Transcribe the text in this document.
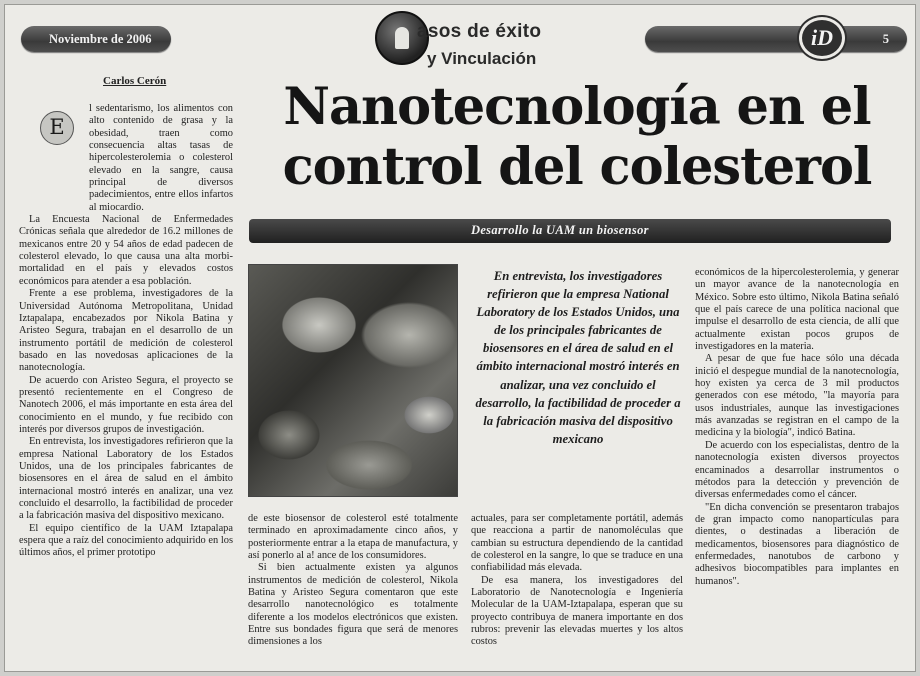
Noviembre de 2006	asos de éxito
y Vinculación
5
iD
Carlos Cerón	Nanotecnología en el
control del colesterol
Desarrollo la UAM un biosensor
E

l sedentarismo, los alimentos con alto contenido de grasa y la obesidad, traen como consecuencia altas tasas de hipercolesterolemia o colesterol elevado en la sangre, causa principal de diversos padecimientos, entre ellos infartos al miocardio.

La Encuesta Nacional de Enfermedades Crónicas señala que alrededor de 16.2 millones de mexicanos entre 20 y 54 años de edad padecen de colesterol elevado, lo que causa una alta morbi-mortalidad en el país y elevados costos económicos para atender a esa población.

Frente a ese problema, investigadores de la Universidad Autónoma Metropolitana, Unidad Iztapalapa, encabezados por Nikola Batina y Aristeo Segura, trabajan en el desarrollo de un instrumento portátil de medición de colesterol basado en las novedosas aplicaciones de la nanotecnología.

De acuerdo con Aristeo Segura, el proyecto se presentó recientemente en el Congreso de Nanotech 2006, el más importante en esta área del conocimiento en el mundo, y fue recibido con interés por diversos grupos de investigación.

En entrevista, los investigadores refirieron que la empresa National Laboratory de los Estados Unidos, una de los principales fabricantes de biosensores en el área de salud en el ámbito internacional mostró interés en analizar, una vez concluido el desarrollo, la factibilidad de proceder a la fabricación masiva del dispositivo mexicano.

El equipo científico de la UAM Iztapalapa espera que a raíz del conocimiento adquirido en los últimos años, el primer prototipo

En entrevista, los investigadores refirieron que la empresa National Laboratory de los Estados Unidos, una de los principales fabricantes de biosensores en el área de salud en el ámbito internacional mostró interés en analizar, una vez concluido el desarrollo, la factibilidad de proceder a la fabricación masiva del dispositivo mexicano

de este biosensor de colesterol esté totalmente terminado en aproximadamente cinco años, y posteriormente entrar a la etapa de manufactura, y así ponerlo al a! ance de los consumidores.

Si bien actualmente existen ya algunos instrumentos de medición de colesterol, Nikola Batina y Aristeo Segura comentaron que este desarrollo nanotecnológico es totalmente diferente a los modelos electrónicos que existen. Entre sus bondades figura que será de menores dimensiones a los

actuales, para ser completamente portátil, además que reacciona a partir de nanomoléculas que cambian su estructura dependiendo de la cantidad de colesterol en la sangre, lo que se traduce en una confiabilidad más elevada.

De esa manera, los investigadores del Laboratorio de Nanotecnología e Ingeniería Molecular de la UAM-Iztapalapa, esperan que su proyecto contribuya de manera importante en dos rubros: prevenir las elevadas muertes y los altos costos

económicos de la hipercolesterolemia, y generar un mayor avance de la nanotecnología en México. Sobre esto último, Nikola Batina señaló que el país carece de una política nacional que impulse el desarrollo de esta ciencia, de allí que actualmente existan pocos grupos de investigadores en la materia.

A pesar de que fue hace sólo una década inició el despegue mundial de la nanotecnología, hoy existen ya cerca de 3 mil productos generados con ese método, "la mayoría para usos industriales, aunque las investigaciones más avanzadas se registran en el campo de la medicina y la biología", indicó Batina.

De acuerdo con los especialistas, dentro de la nanotecnología existen diversos proyectos encaminados a desarrollar instrumentos o métodos para la detección y prevención de diversas enfermedades como el cáncer.

"En dicha convención se presentaron trabajos de gran impacto como nanopartículas para dientes, o destinadas a liberación de medicamentos, biosensores para diagnóstico de enfermedades, nanotubos de carbono y adhesivos biocompatibles para implantes en humanos".
